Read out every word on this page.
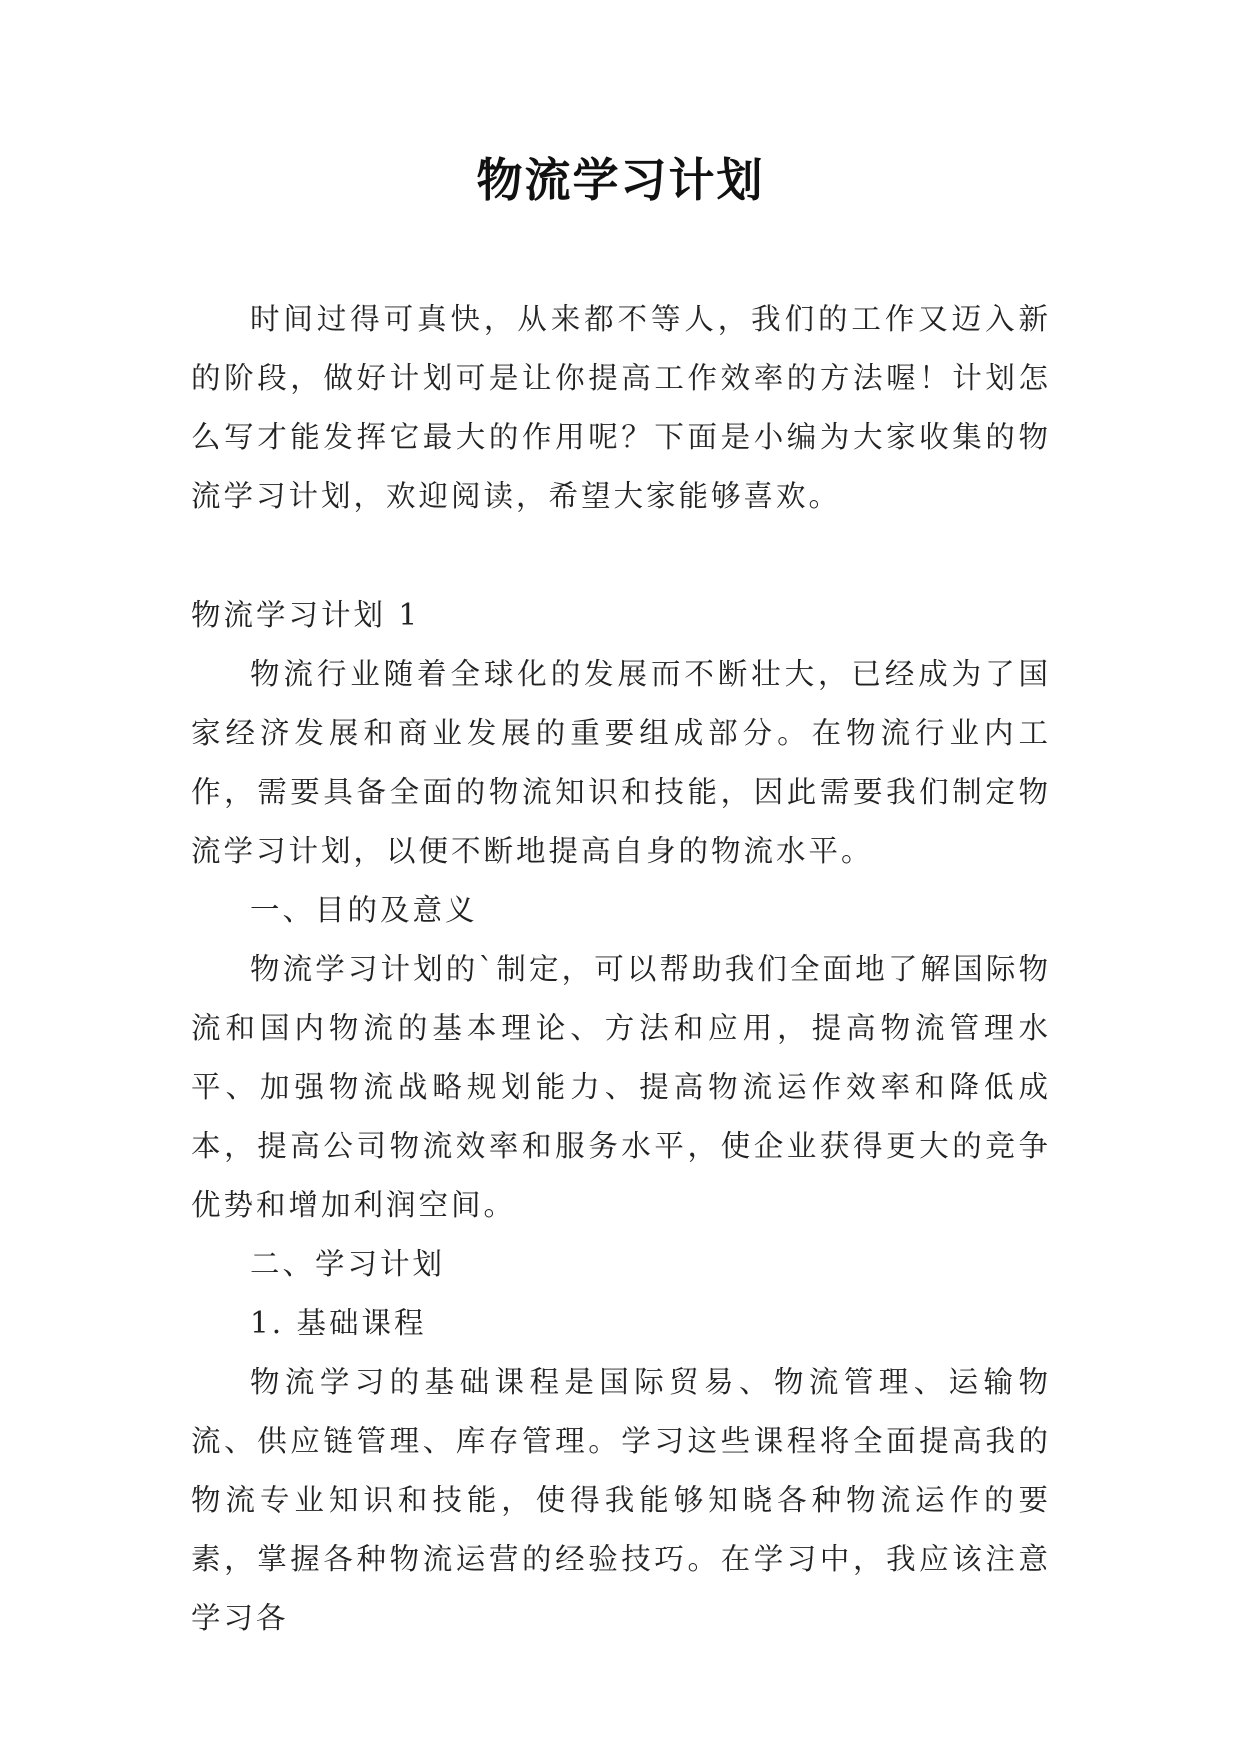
物流学习计划

时间过得可真快，从来都不等人，我们的工作又迈入新的阶段，做好计划可是让你提高工作效率的方法喔！计划怎么写才能发挥它最大的作用呢？下面是小编为大家收集的物流学习计划，欢迎阅读，希望大家能够喜欢。

物流学习计划 1

物流行业随着全球化的发展而不断壮大，已经成为了国家经济发展和商业发展的重要组成部分。在物流行业内工作，需要具备全面的物流知识和技能，因此需要我们制定物流学习计划，以便不断地提高自身的物流水平。

一、目的及意义

物流学习计划的`制定，可以帮助我们全面地了解国际物流和国内物流的基本理论、方法和应用，提高物流管理水平、加强物流战略规划能力、提高物流运作效率和降低成本，提高公司物流效率和服务水平，使企业获得更大的竞争优势和增加利润空间。

二、学习计划

1. 基础课程

物流学习的基础课程是国际贸易、物流管理、运输物流、供应链管理、库存管理。学习这些课程将全面提高我的物流专业知识和技能，使得我能够知晓各种物流运作的要素，掌握各种物流运营的经验技巧。在学习中，我应该注意学习各
